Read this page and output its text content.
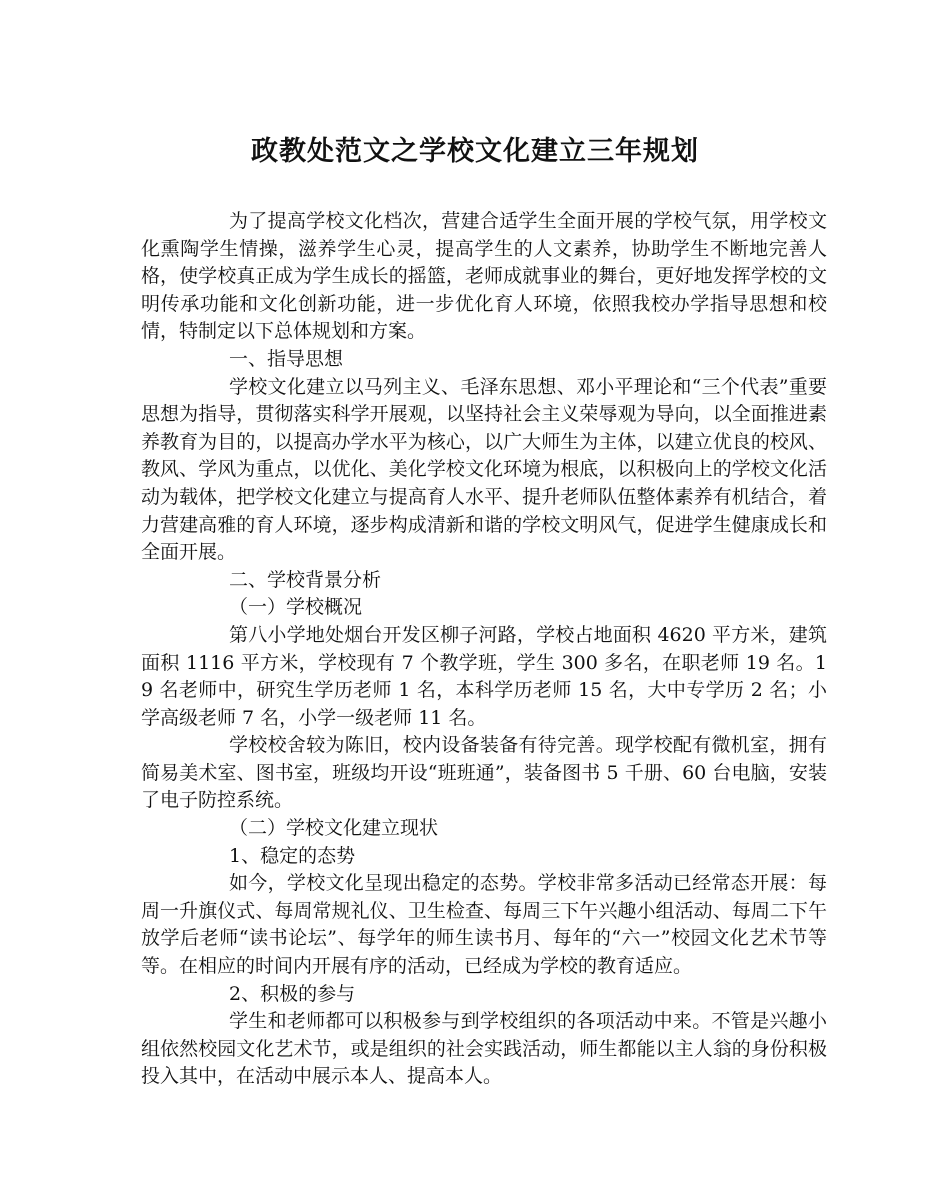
政教处范文之学校文化建立三年规划

为了提高学校文化档次，营建合适学生全面开展的学校气氛，用学校文化熏陶学生情操，滋养学生心灵，提高学生的人文素养，协助学生不断地完善人格，使学校真正成为学生成长的摇篮，老师成就事业的舞台，更好地发挥学校的文明传承功能和文化创新功能，进一步优化育人环境，依照我校办学指导思想和校情，特制定以下总体规划和方案。

一、指导思想

学校文化建立以马列主义、毛泽东思想、邓小平理论和“三个代表”重要思想为指导，贯彻落实科学开展观，以坚持社会主义荣辱观为导向，以全面推进素养教育为目的，以提高办学水平为核心，以广大师生为主体，以建立优良的校风、教风、学风为重点，以优化、美化学校文化环境为根底，以积极向上的学校文化活动为载体，把学校文化建立与提高育人水平、提升老师队伍整体素养有机结合，着力营建高雅的育人环境，逐步构成清新和谐的学校文明风气，促进学生健康成长和全面开展。

二、学校背景分析

（一）学校概况

第八小学地处烟台开发区柳子河路，学校占地面积 4620 平方米，建筑面积 1116 平方米，学校现有 7 个教学班，学生 300 多名，在职老师 19 名。19 名老师中，研究生学历老师 1 名，本科学历老师 15 名，大中专学历 2 名；小学高级老师 7 名，小学一级老师 11 名。

学校校舍较为陈旧，校内设备装备有待完善。现学校配有微机室，拥有简易美术室、图书室，班级均开设“班班通”，装备图书 5 千册、60 台电脑，安装了电子防控系统。

（二）学校文化建立现状

1、稳定的态势

如今，学校文化呈现出稳定的态势。学校非常多活动已经常态开展：每周一升旗仪式、每周常规礼仪、卫生检查、每周三下午兴趣小组活动、每周二下午放学后老师“读书论坛”、每学年的师生读书月、每年的“六一”校园文化艺术节等等。在相应的时间内开展有序的活动，已经成为学校的教育适应。

2、积极的参与

学生和老师都可以积极参与到学校组织的各项活动中来。不管是兴趣小组依然校园文化艺术节，或是组织的社会实践活动，师生都能以主人翁的身份积极投入其中，在活动中展示本人、提高本人。
